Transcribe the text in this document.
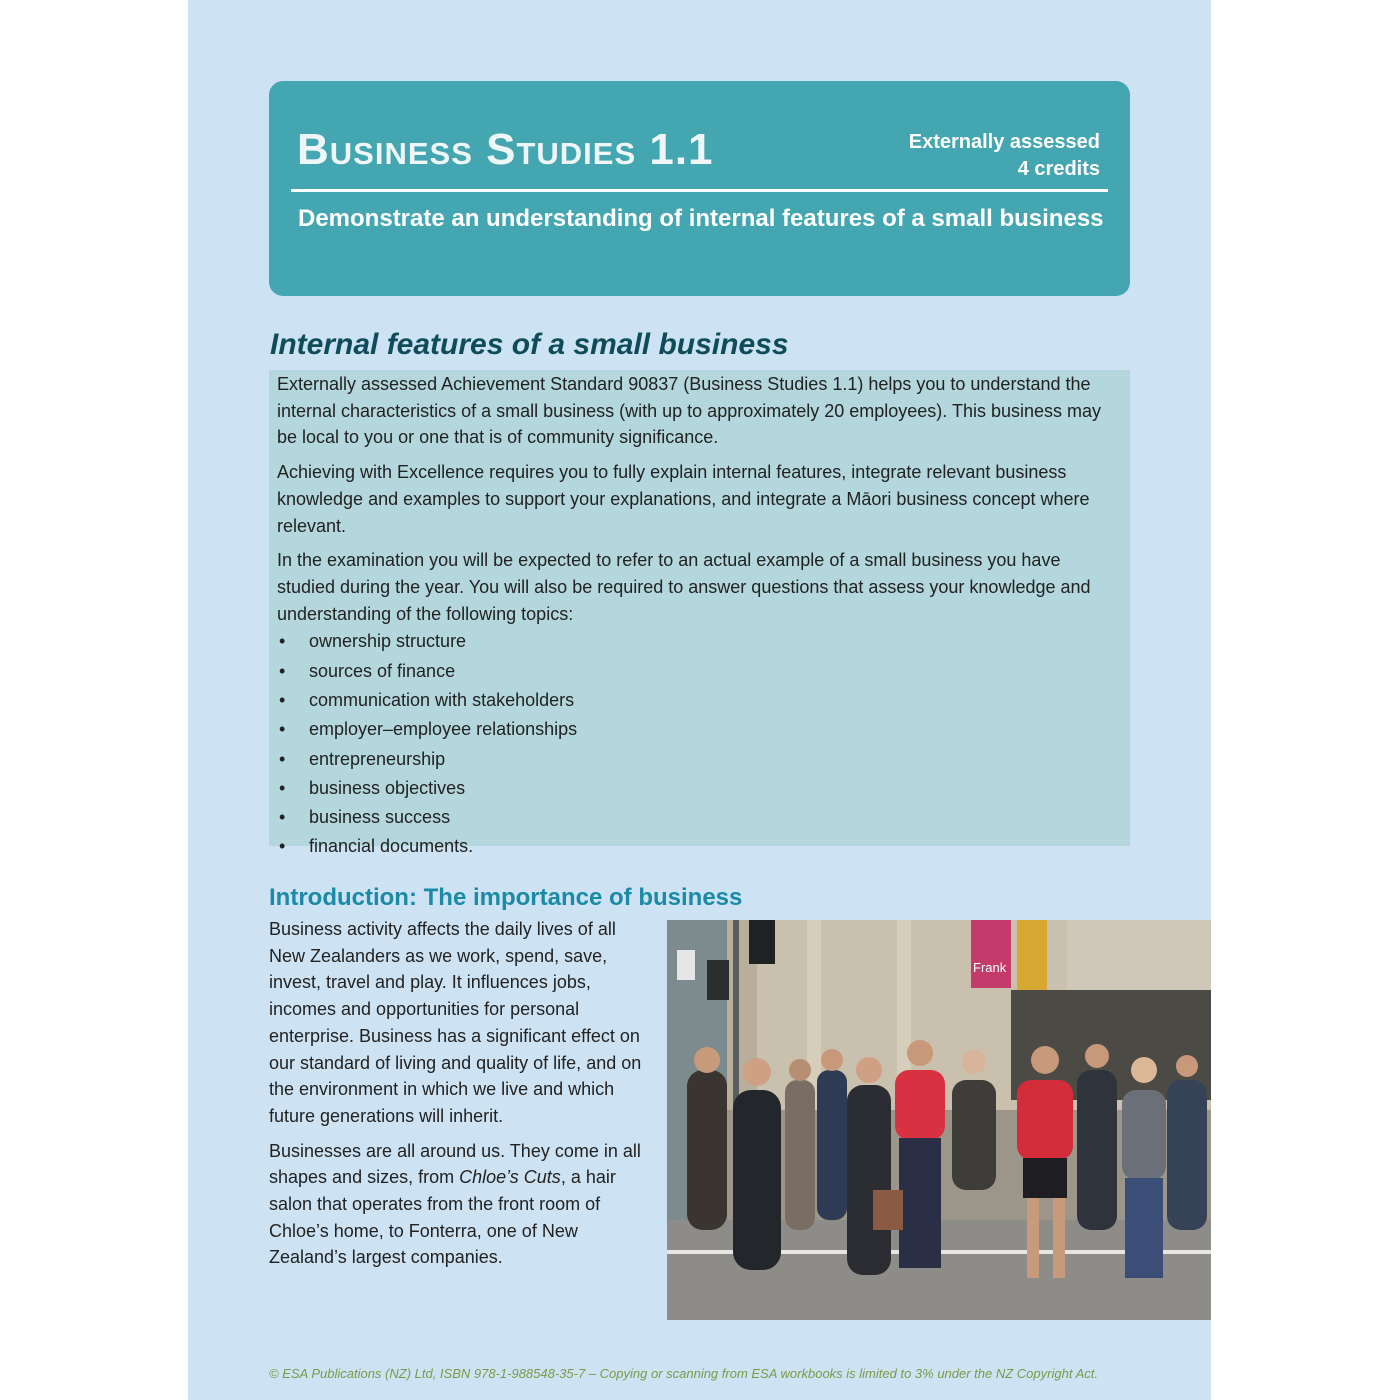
Business Studies 1.1	Externally assessed
4 credits
Demonstrate an understanding of internal features of a small business
Internal features of a small business

Externally assessed Achievement Standard 90837 (Business Studies 1.1) helps you to understand the internal characteristics of a small business (with up to approximately 20 employees). This business may be local to you or one that is of community significance.

Achieving with Excellence requires you to fully explain internal features, integrate relevant business knowledge and examples to support your explanations, and integrate a Māori business concept where relevant.

In the examination you will be expected to refer to an actual example of a small business you have studied during the year. You will also be required to answer questions that assess your knowledge and understanding of the following topics:

• ownership structure
• sources of finance
• communication with stakeholders
• employer–employee relationships
• entrepreneurship
• business objectives
• business success
• financial documents.
Introduction: The importance of business

Business activity affects the daily lives of all New Zealanders as we work, spend, save, invest, travel and play. It influences jobs, incomes and opportunities for personal enterprise. Business has a significant effect on our standard of living and quality of life, and on the environment in which we live and which future generations will inherit.

Businesses are all around us. They come in all shapes and sizes, from Chloe’s Cuts, a hair salon that operates from the front room of Chloe’s home, to Fonterra, one of New Zealand’s largest companies.

Frank
© ESA Publications (NZ) Ltd, ISBN 978-1-988548-35-7 – Copying or scanning from ESA workbooks is limited to 3% under the NZ Copyright Act.
